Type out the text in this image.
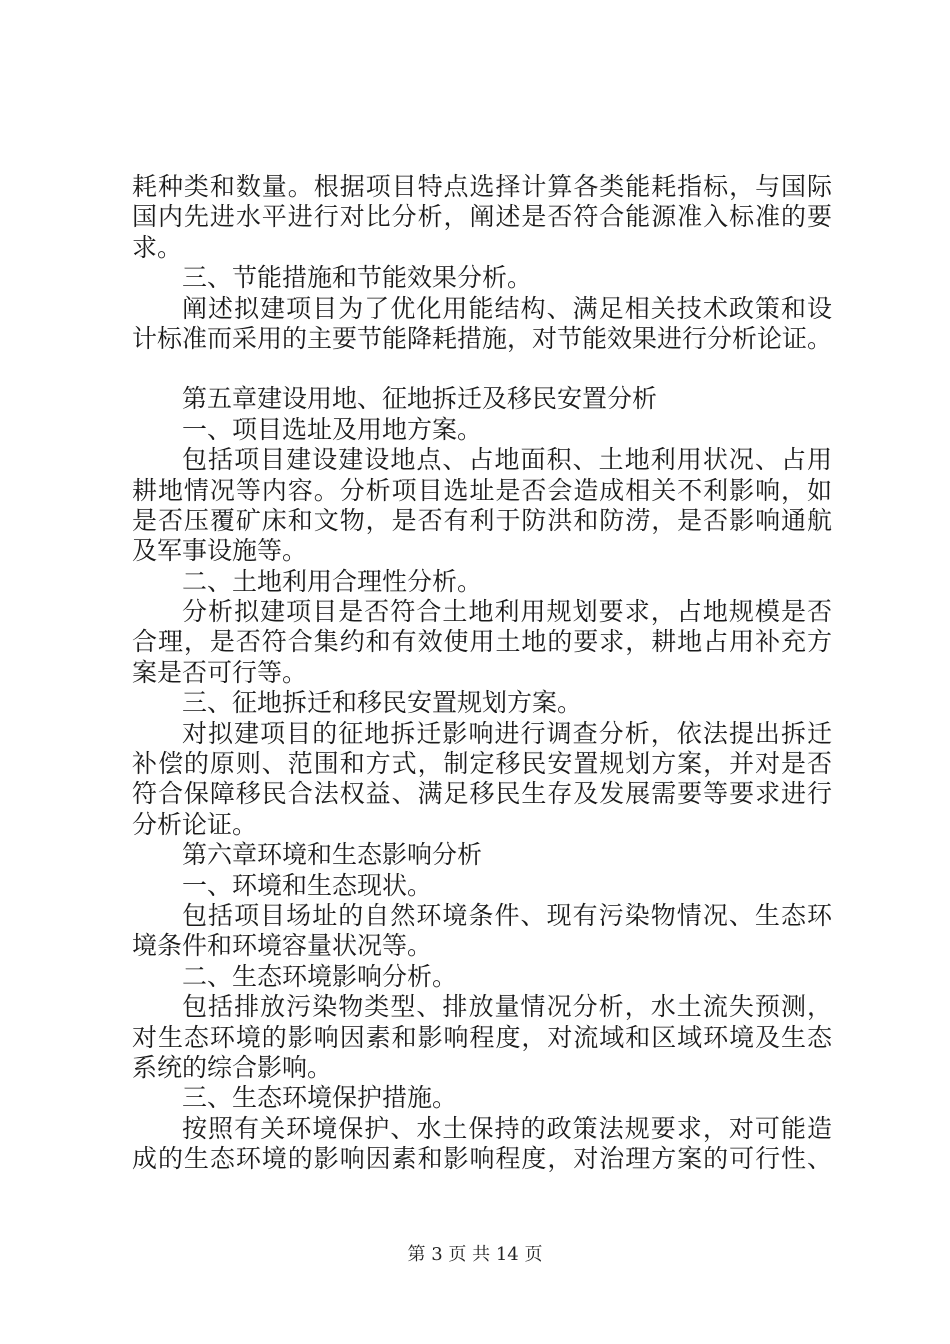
耗种类和数量。根据项目特点选择计算各类能耗指标，与国际
国内先进水平进行对比分析，阐述是否符合能源准入标准的要
求。
三、节能措施和节能效果分析。
阐述拟建项目为了优化用能结构、满足相关技术政策和设
计标准而采用的主要节能降耗措施，对节能效果进行分析论证。
第五章建设用地、征地拆迁及移民安置分析
一、项目选址及用地方案。
包括项目建设建设地点、占地面积、土地利用状况、占用
耕地情况等内容。分析项目选址是否会造成相关不利影响，如
是否压覆矿床和文物，是否有利于防洪和防涝，是否影响通航
及军事设施等。
二、土地利用合理性分析。
分析拟建项目是否符合土地利用规划要求，占地规模是否
合理，是否符合集约和有效使用土地的要求，耕地占用补充方
案是否可行等。
三、征地拆迁和移民安置规划方案。
对拟建项目的征地拆迁影响进行调查分析，依法提出拆迁
补偿的原则、范围和方式，制定移民安置规划方案，并对是否
符合保障移民合法权益、满足移民生存及发展需要等要求进行
分析论证。
第六章环境和生态影响分析
一、环境和生态现状。
包括项目场址的自然环境条件、现有污染物情况、生态环
境条件和环境容量状况等。
二、生态环境影响分析。
包括排放污染物类型、排放量情况分析，水土流失预测，
对生态环境的影响因素和影响程度，对流域和区域环境及生态
系统的综合影响。
三、生态环境保护措施。
按照有关环境保护、水土保持的政策法规要求，对可能造
成的生态环境的影响因素和影响程度，对治理方案的可行性、
第 3 页 共 14 页
